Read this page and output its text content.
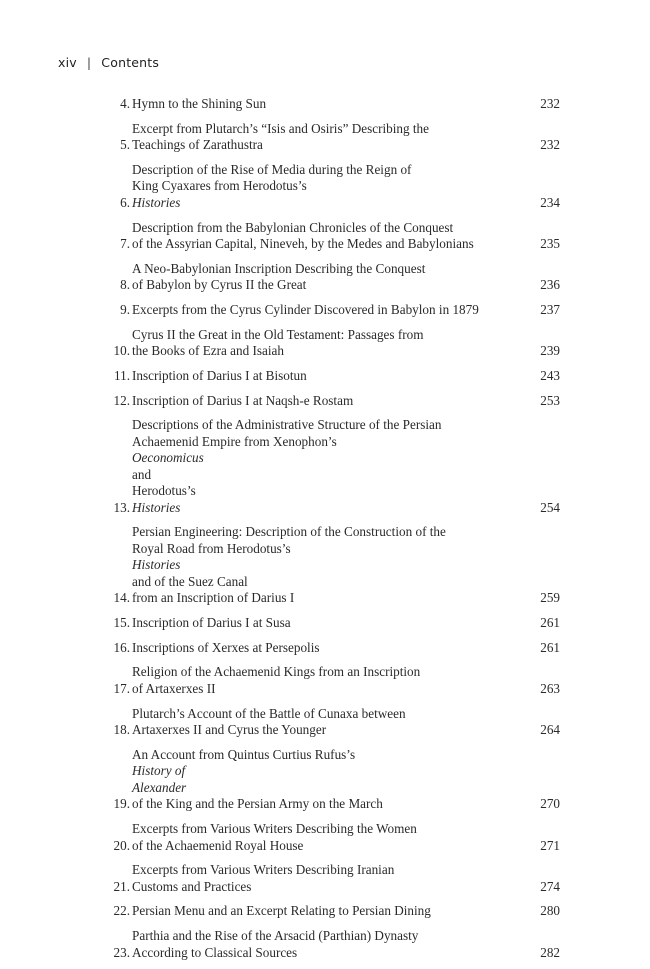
xiv | Contents
4. Hymn to the Shining Sun	232
5.
Excerpt from Plutarch’s “Isis and Osiris” Describing the
Teachings of Zarathustra	232
6.
Description of the Rise of Media during the Reign of
King Cyaxares from Herodotus’s
Histories	234
7.
Description from the Babylonian Chronicles of the Conquest
of the Assyrian Capital, Nineveh, by the Medes and Babylonians	235
8.
A Neo-Babylonian Inscription Describing the Conquest
of Babylon by Cyrus II the Great	236
9. Excerpts from the Cyrus Cylinder Discovered in Babylon in 1879	237
10.
Cyrus II the Great in the Old Testament: Passages from
the Books of Ezra and Isaiah	239
11. Inscription of Darius I at Bisotun	243
12. Inscription of Darius I at Naqsh-e Rostam	253
13.
Descriptions of the Administrative Structure of the Persian
Achaemenid Empire from Xenophon’s
Oeconomicus
and
Herodotus’s
Histories	254
14.
Persian Engineering: Description of the Construction of the
Royal Road from Herodotus’s
Histories
and of the Suez Canal
from an Inscription of Darius I	259
15. Inscription of Darius I at Susa	261
16. Inscriptions of Xerxes at Persepolis	261
17.
Religion of the Achaemenid Kings from an Inscription
of Artaxerxes II	263
18.
Plutarch’s Account of the Battle of Cunaxa between
Artaxerxes II and Cyrus the Younger	264
19.
An Account from Quintus Curtius Rufus’s
History of
Alexander
of the King and the Persian Army on the March	270
20.
Excerpts from Various Writers Describing the Women
of the Achaemenid Royal House	271
21.
Excerpts from Various Writers Describing Iranian
Customs and Practices	274
22. Persian Menu and an Excerpt Relating to Persian Dining	280
23.
Parthia and the Rise of the Arsacid (Parthian) Dynasty
According to Classical Sources	282
